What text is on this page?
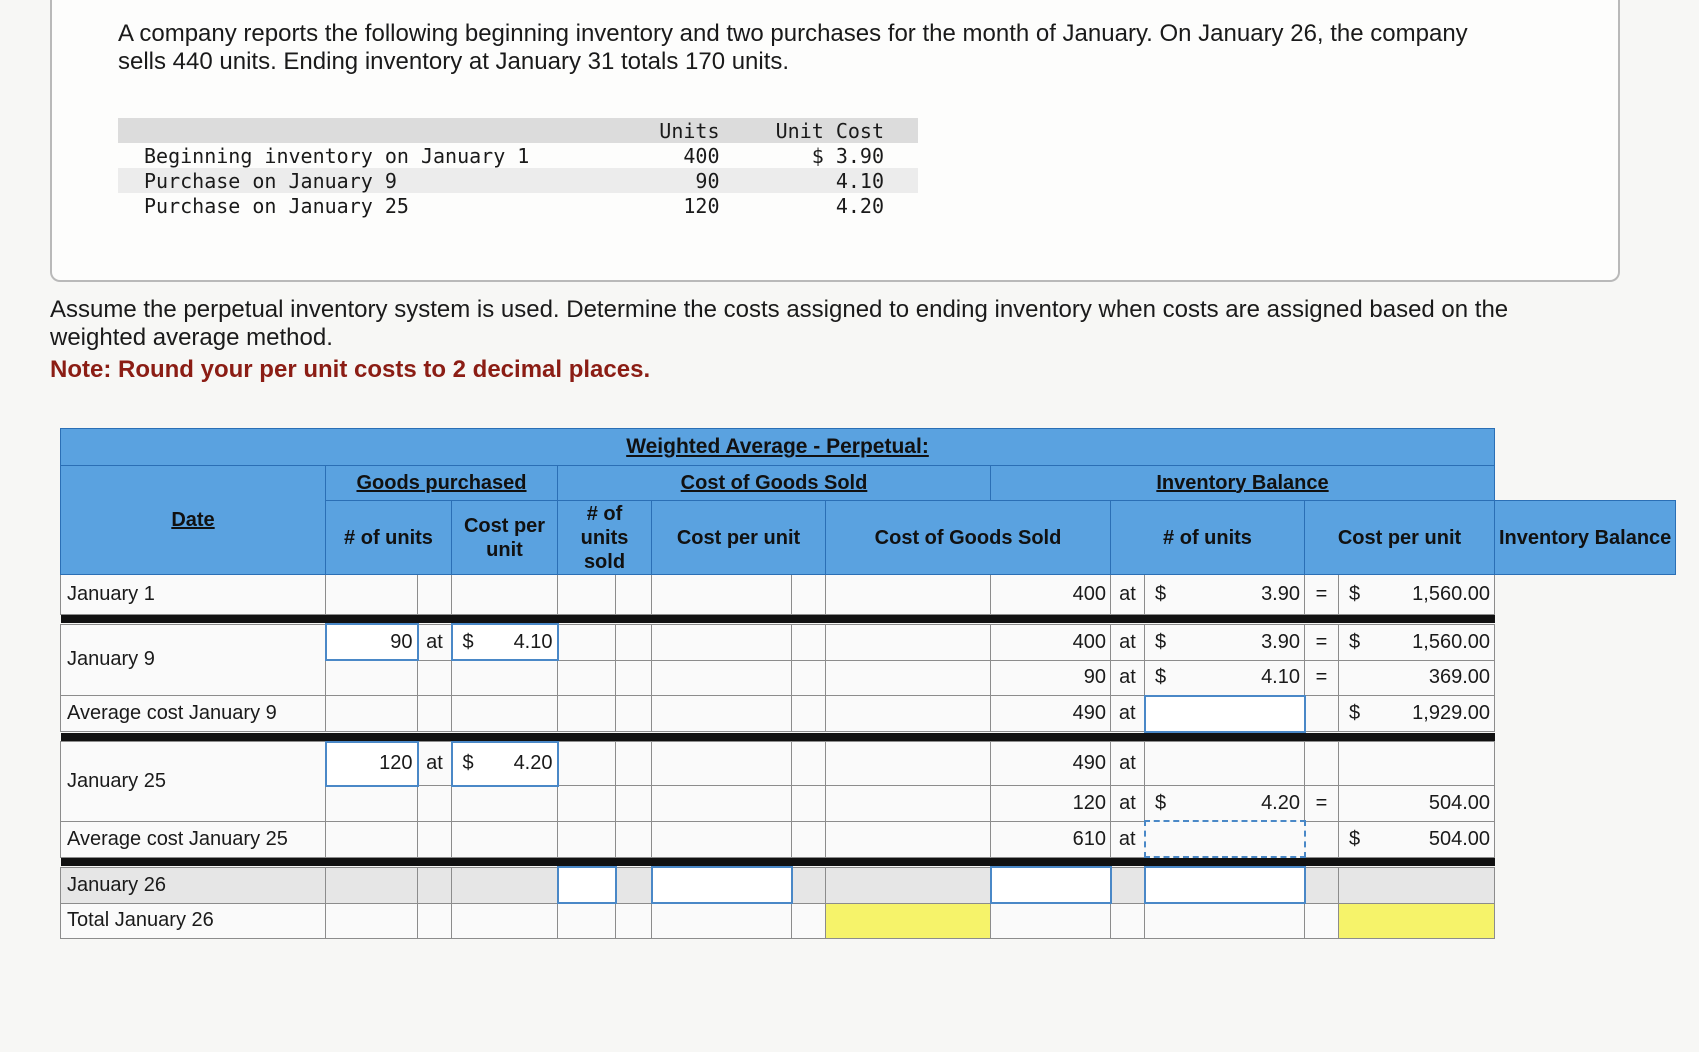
A company reports the following beginning inventory and two purchases for the month of January. On January 26, the company sells 440 units. Ending inventory at January 31 totals 170 units.
	Units	Unit Cost
Beginning inventory on January 1	400	$ 3.90
Purchase on January 9	90	4.10
Purchase on January 25	120	4.20
Assume the perpetual inventory system is used. Determine the costs assigned to ending inventory when costs are assigned based on the weighted average method.
Note: Round your per unit costs to 2 decimal places.
Weighted Average - Perpetual:														
Date	Goods purchased			Cost of Goods Sold					Inventory Balance					
	# of units		Cost per unit	# of units sold		Cost per unit		Cost of Goods Sold		# of units		Cost per unit		Inventory Balance
January 1									400	at	$ 3.90	=	$ 1,560.00	

January 9	90	at	$ 4.10						400	at	$ 3.90	=	$ 1,560.00	

									90	at	$ 4.10	=	369.00	
Average cost January 9									490	at			$ 1,929.00	

January 25	120	at	$ 4.20						490	at				
									120	at	$ 4.20	=	504.00	
Average cost January 25									610	at			$ 504.00	

January 26														
Total January 26														
